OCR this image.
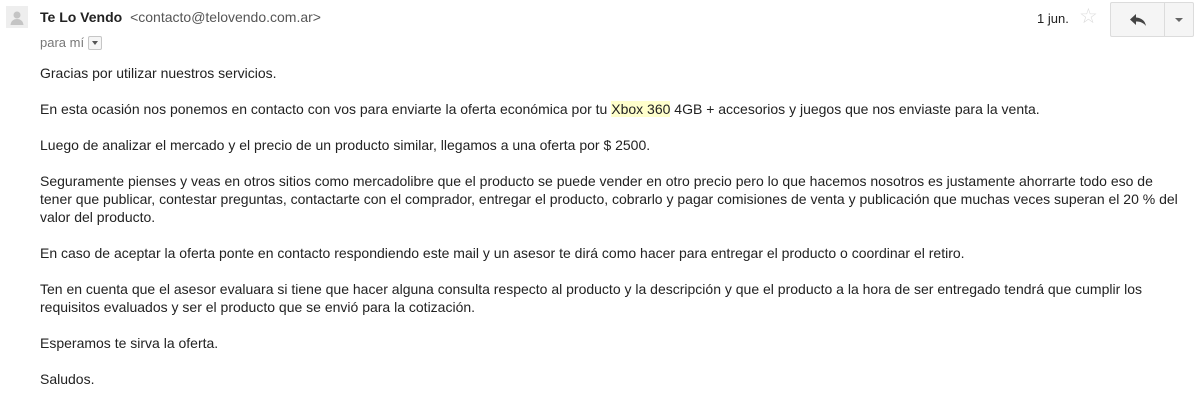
Te Lo Vendo <contacto@telovendo.com.ar>
para mí
1 jun. ☆

Gracias por utilizar nuestros servicios.

En esta ocasión nos ponemos en contacto con vos para enviarte la oferta económica por tu Xbox 360 4GB + accesorios y juegos que nos enviaste para la venta.

Luego de analizar el mercado y el precio de un producto similar, llegamos a una oferta por $ 2500.

Seguramente pienses y veas en otros sitios como mercadolibre que el producto se puede vender en otro precio pero lo que hacemos nosotros es justamente ahorrarte todo eso de tener que publicar, contestar preguntas, contactarte con el comprador, entregar el producto, cobrarlo y pagar comisiones de venta y publicación que muchas veces superan el 20 % del valor del producto.

En caso de aceptar la oferta ponte en contacto respondiendo este mail y un asesor te dirá como hacer para entregar el producto o coordinar el retiro.

Ten en cuenta que el asesor evaluara si tiene que hacer alguna consulta respecto al producto y la descripción y que el producto a la hora de ser entregado tendrá que cumplir los requisitos evaluados y ser el producto que se envió para la cotización.

Esperamos te sirva la oferta.

Saludos.
